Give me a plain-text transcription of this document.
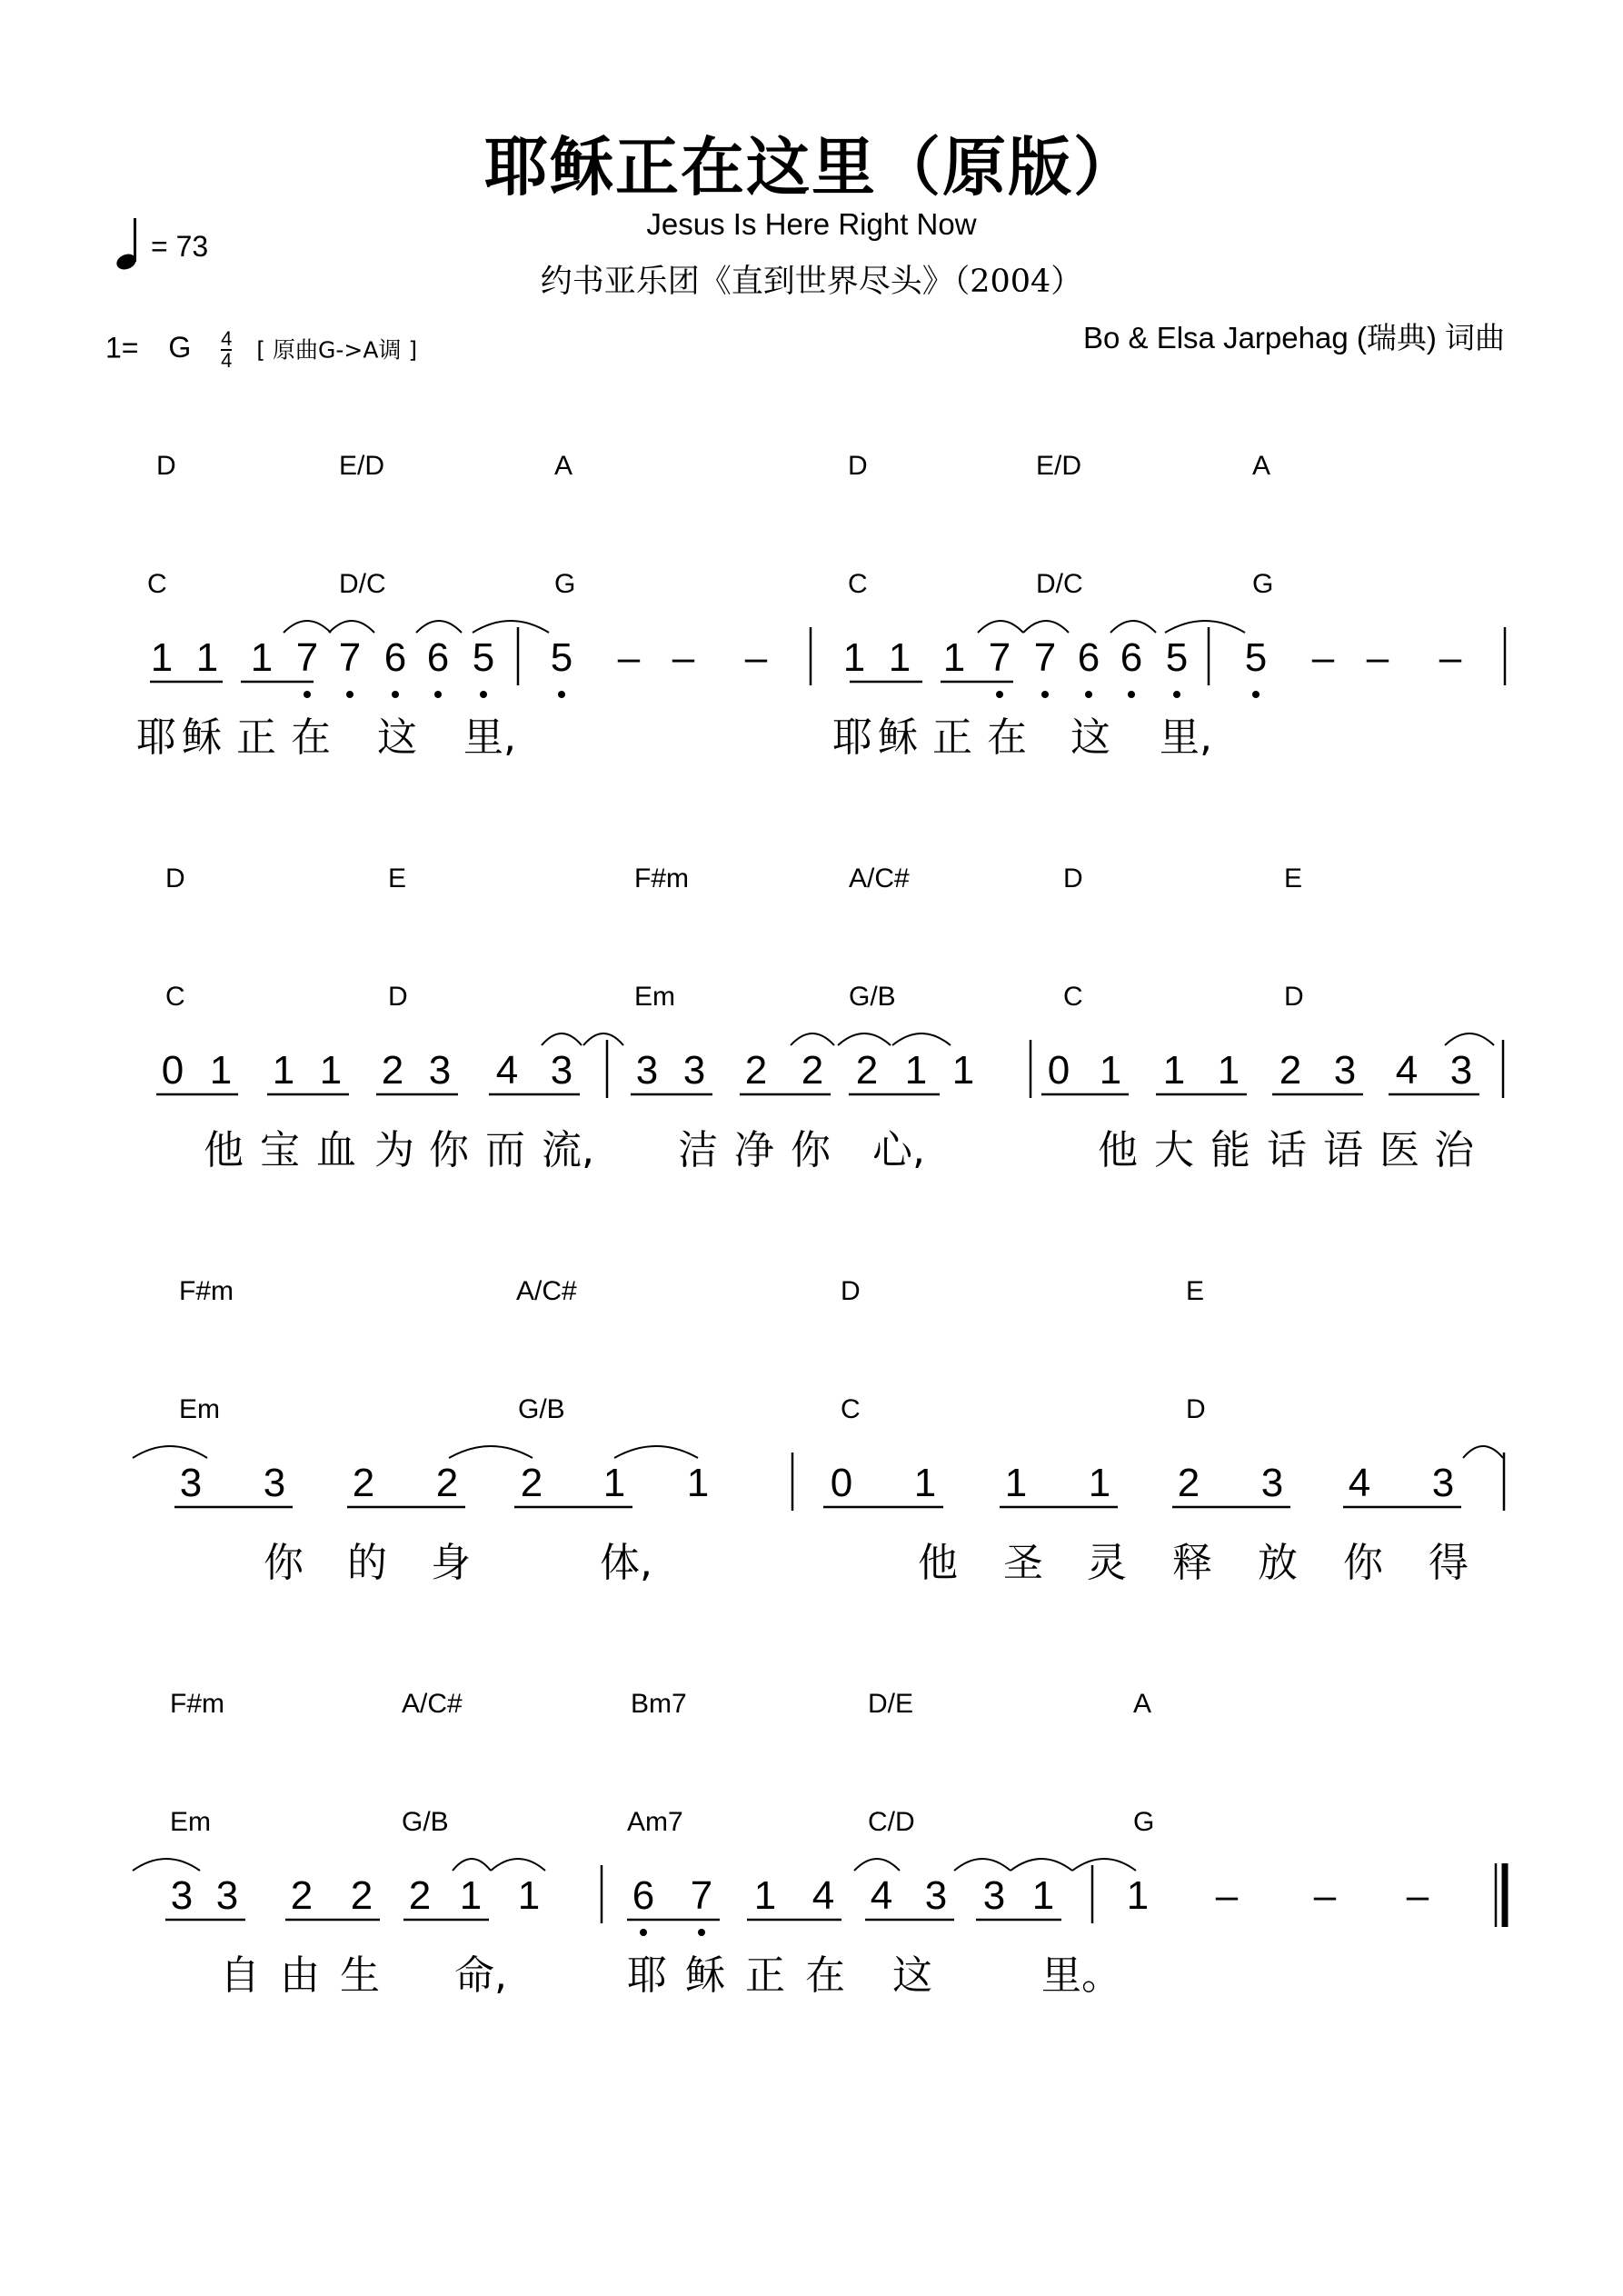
耶稣正在这里（原版）
Jesus Is Here Right Now
约书亚乐团《直到世界尽头》（2004）
= 73
1= G $\frac{4}{4}$ [ 原曲G->A调 ]	Bo & Elsa Jarpehag (瑞典) 词曲
D	E/D	A	D	E/D	A
C	D/C	G	C	D/C	G
1 1 1 7 7 6 6 5 5 – – – 1 1 1 7 7 6 6 5 5 – – –
耶 稣 正 在 这 里,	耶 稣 正 在 这 里,
D	E	F#m	A/C#	D	E
C	D	Em	G/B	C	D
0 1 1 1 2 3 4 3 3 3 2 2 2 1 1 0 1 1 1 2 3 4 3
他 宝 血 为 你 而 流, 洁 净 你 心,	他 大 能 话 语 医 治
F#m	A/C#	D	E
Em	G/B	C	D
3 3 2 2 2 1 1	0 1 1 1 2 3 4 3
你 的 身	体,	他 圣 灵 释 放 你 得
F#m	A/C#	Bm7	D/E	A
Em	G/B	Am7	C/D	G
3 3 2 2 2 1 1 6 7 1 4 4 3 3 1 1 – – –
自 由 生 命,	耶 稣 正 在 这	里。
